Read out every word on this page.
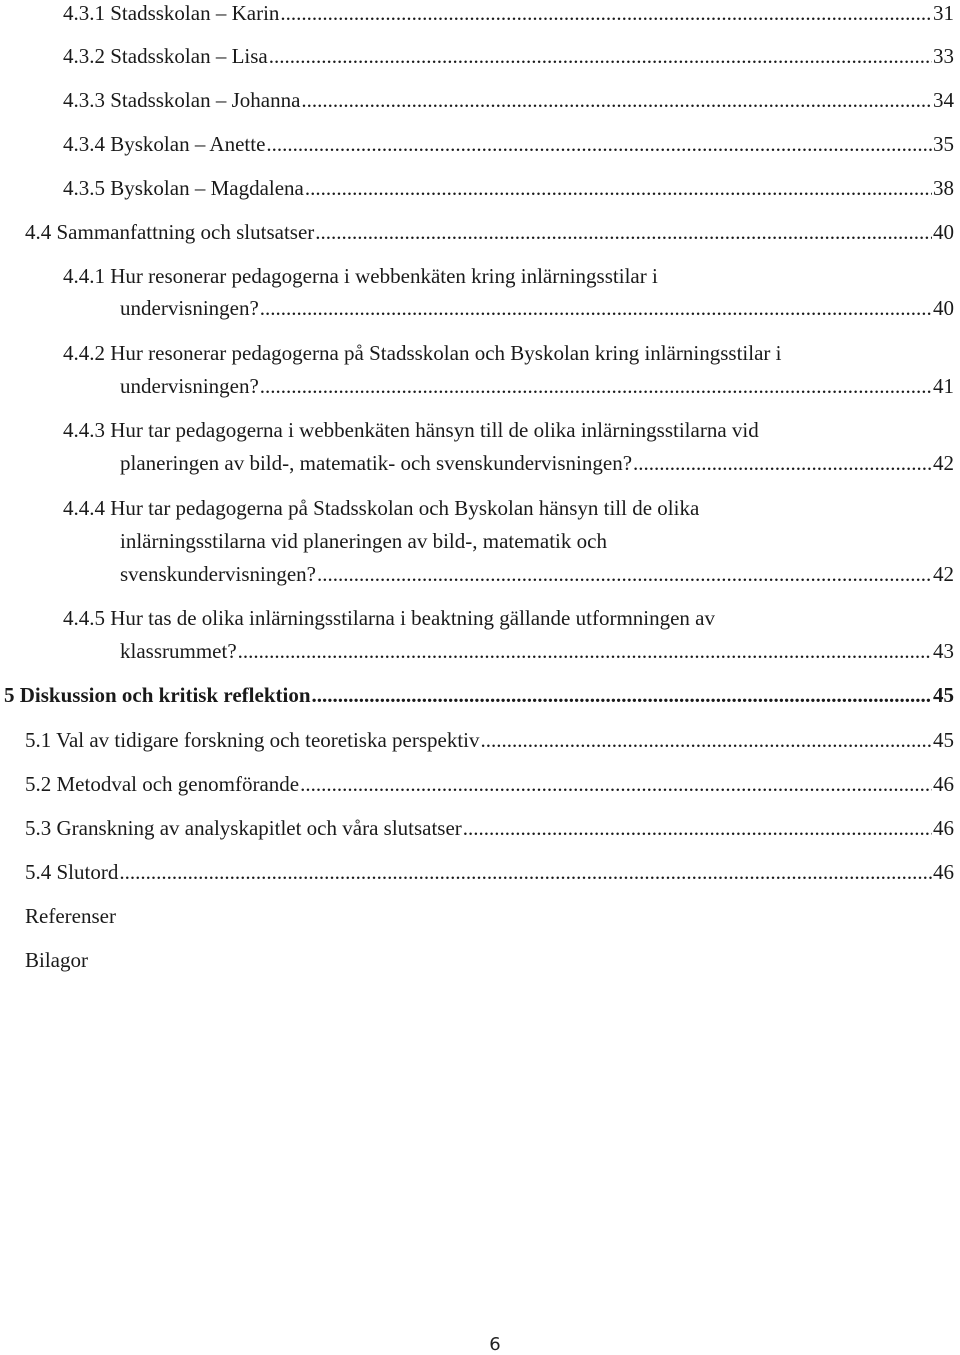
4.3.1 Stadsskolan – Karin .....	31
4.3.2 Stadsskolan – Lisa .....	33
4.3.3 Stadsskolan – Johanna .....	34
4.3.4 Byskolan – Anette .....	35
4.3.5 Byskolan – Magdalena .....	38
4.4 Sammanfattning och slutsatser .....	40
4.4.1 Hur resonerar pedagogerna i webbenkäten kring inlärningsstilar i
undervisningen? .....	40
4.4.2 Hur resonerar pedagogerna på Stadsskolan och Byskolan kring inlärningsstilar i
undervisningen? .....	41
4.4.3 Hur tar pedagogerna i webbenkäten hänsyn till de olika inlärningsstilarna vid
planeringen av bild-, matematik- och svenskundervisningen? .....	42
4.4.4 Hur tar pedagogerna på Stadsskolan och Byskolan hänsyn till de olika
inlärningsstilarna vid planeringen av bild-, matematik och
svenskundervisningen? .....	42
4.4.5 Hur tas de olika inlärningsstilarna i beaktning gällande utformningen av
klassrummet? .....	43
5 Diskussion och kritisk reflektion .....	45
5.1 Val av tidigare forskning och teoretiska perspektiv .....	45
5.2 Metodval och genomförande .....	46
5.3 Granskning av analyskapitlet och våra slutsatser .....	46
5.4 Slutord .....	46
Referenser
Bilagor
6
